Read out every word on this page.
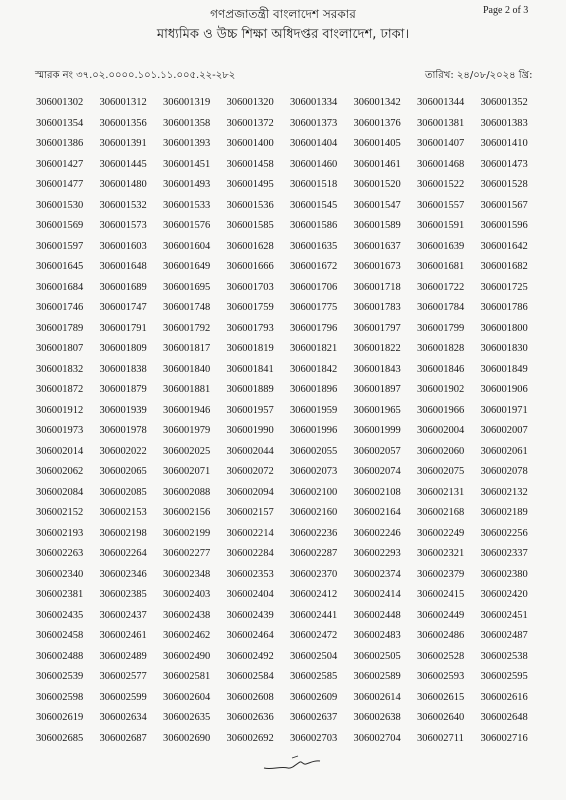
গণপ্রজাতন্ত্রী বাংলাদেশ সরকার
মাধ্যমিক ও উচ্চ শিক্ষা অধিদপ্তর বাংলাদেশ, ঢাকা।
Page 2 of 3
স্মারক নং ৩৭.০২.০০০০.১০১.১১.০০৫.২২-২৮২	তারিখ: ২৪/০৮/২০২৪ খ্রি:
306001302	306001312	306001319	306001320	306001334	306001342	306001344	306001352
306001354	306001356	306001358	306001372	306001373	306001376	306001381	306001383
306001386	306001391	306001393	306001400	306001404	306001405	306001407	306001410
306001427	306001445	306001451	306001458	306001460	306001461	306001468	306001473
306001477	306001480	306001493	306001495	306001518	306001520	306001522	306001528
306001530	306001532	306001533	306001536	306001545	306001547	306001557	306001567
306001569	306001573	306001576	306001585	306001586	306001589	306001591	306001596
306001597	306001603	306001604	306001628	306001635	306001637	306001639	306001642
306001645	306001648	306001649	306001666	306001672	306001673	306001681	306001682
306001684	306001689	306001695	306001703	306001706	306001718	306001722	306001725
306001746	306001747	306001748	306001759	306001775	306001783	306001784	306001786
306001789	306001791	306001792	306001793	306001796	306001797	306001799	306001800
306001807	306001809	306001817	306001819	306001821	306001822	306001828	306001830
306001832	306001838	306001840	306001841	306001842	306001843	306001846	306001849
306001872	306001879	306001881	306001889	306001896	306001897	306001902	306001906
306001912	306001939	306001946	306001957	306001959	306001965	306001966	306001971
306001973	306001978	306001979	306001990	306001996	306001999	306002004	306002007
306002014	306002022	306002025	306002044	306002055	306002057	306002060	306002061
306002062	306002065	306002071	306002072	306002073	306002074	306002075	306002078
306002084	306002085	306002088	306002094	306002100	306002108	306002131	306002132
306002152	306002153	306002156	306002157	306002160	306002164	306002168	306002189
306002193	306002198	306002199	306002214	306002236	306002246	306002249	306002256
306002263	306002264	306002277	306002284	306002287	306002293	306002321	306002337
306002340	306002346	306002348	306002353	306002370	306002374	306002379	306002380
306002381	306002385	306002403	306002404	306002412	306002414	306002415	306002420
306002435	306002437	306002438	306002439	306002441	306002448	306002449	306002451
306002458	306002461	306002462	306002464	306002472	306002483	306002486	306002487
306002488	306002489	306002490	306002492	306002504	306002505	306002528	306002538
306002539	306002577	306002581	306002584	306002585	306002589	306002593	306002595
306002598	306002599	306002604	306002608	306002609	306002614	306002615	306002616
306002619	306002634	306002635	306002636	306002637	306002638	306002640	306002648
306002685	306002687	306002690	306002692	306002703	306002704	306002711	306002716
